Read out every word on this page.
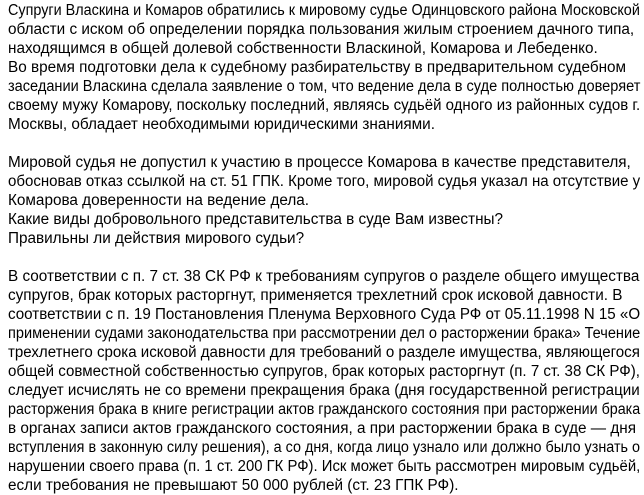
Супруги Власкина и Комаров обратились к мировому судье Одинцовского района Московской
области с иском об определении порядка пользования жилым строением дачного типа,
находящимся в общей долевой собственности Власкиной, Комарова и Лебеденко.
Во время подготовки дела к судебному разбирательству в предварительном судебном
заседании Власкина сделала заявление о том, что ведение дела в суде полностью доверяет
своему мужу Комарову, поскольку последний, являясь судьёй одного из районных судов г.
Москвы, обладает необходимыми юридическими знаниями.

Мировой судья не допустил к участию в процессе Комарова в качестве представителя,
обосновав отказ ссылкой на ст. 51 ГПК. Кроме того, мировой судья указал на отсутствие у
Комарова доверенности на ведение дела.
Какие виды добровольного представительства в суде Вам известны?
Правильны ли действия мирового судьи?

В соответствии с п. 7 ст. 38 СК РФ к требованиям супругов о разделе общего имущества
супругов, брак которых расторгнут, применяется трехлетний срок исковой давности. В
соответствии с п. 19 Постановления Пленума Верховного Суда РФ от 05.11.1998 N 15 «О
применении судами законодательства при рассмотрении дел о расторжении брака» Течение
трехлетнего срока исковой давности для требований о разделе имущества, являющегося
общей совместной собственностью супругов, брак которых расторгнут (п. 7 ст. 38 СК РФ),
следует исчислять не со времени прекращения брака (дня государственной регистрации
расторжения брака в книге регистрации актов гражданского состояния при расторжении брака
в органах записи актов гражданского состояния, а при расторжении брака в суде — дня
вступления в законную силу решения), а со дня, когда лицо узнало или должно было узнать о
нарушении своего права (п. 1 ст. 200 ГК РФ). Иск может быть рассмотрен мировым судьёй,
если требования не превышают 50 000 рублей (ст. 23 ГПК РФ).
